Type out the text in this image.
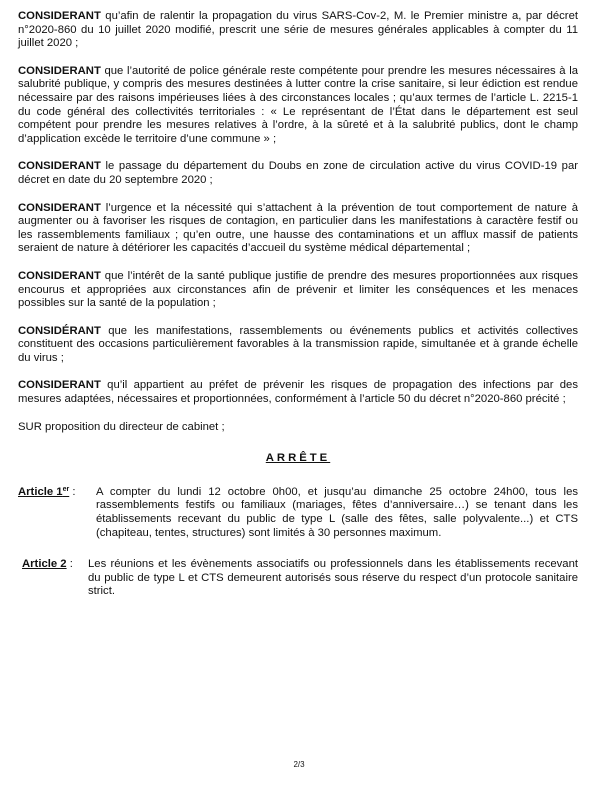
CONSIDERANT qu’afin de ralentir la propagation du virus SARS-Cov-2, M. le Premier ministre a, par décret n°2020-860 du 10 juillet 2020 modifié, prescrit une série de mesures générales applicables à compter du 11 juillet 2020 ;

CONSIDERANT que l’autorité de police générale reste compétente pour prendre les mesures nécessaires à la salubrité publique, y compris des mesures destinées à lutter contre la crise sanitaire, si leur édiction est rendue nécessaire par des raisons impérieuses liées à des circonstances locales ; qu’aux termes de l’article L. 2215-1 du code général des collectivités territoriales : « Le représentant de l’État dans le département est seul compétent pour prendre les mesures relatives à l’ordre, à la sûreté et à la salubrité publics, dont le champ d’application excède le territoire d’une commune » ;

CONSIDERANT le passage du département du Doubs en zone de circulation active du virus COVID-19 par décret en date du 20 septembre 2020 ;

CONSIDERANT l’urgence et la nécessité qui s’attachent à la prévention de tout comportement de nature à augmenter ou à favoriser les risques de contagion, en particulier dans les manifestations à caractère festif ou les rassemblements familiaux ; qu’en outre, une hausse des contaminations et un afflux massif de patients seraient de nature à détériorer les capacités d’accueil du système médical départemental ;

CONSIDERANT que l’intérêt de la santé publique justifie de prendre des mesures proportionnées aux risques encourus et appropriées aux circonstances afin de prévenir et limiter les conséquences et les menaces possibles sur la santé de la population ;

CONSIDÉRANT que les manifestations, rassemblements ou événements publics et activités collectives constituent des occasions particulièrement favorables à la transmission rapide, simultanée et à grande échelle du virus ;

CONSIDERANT qu’il appartient au préfet de prévenir les risques de propagation des infections par des mesures adaptées, nécessaires et proportionnées, conformément à l’article 50 du décret n°2020-860 précité ;

SUR proposition du directeur de cabinet ;

ARRÊTE
Article 1er : A compter du lundi 12 octobre 0h00, et jusqu’au dimanche 25 octobre 24h00, tous les rassemblements festifs ou familiaux (mariages, fêtes d’anniversaire…) se tenant dans les établissements recevant du public de type L (salle des fêtes, salle polyvalente...) et CTS (chapiteau, tentes, structures) sont limités à 30 personnes maximum.
Article 2 : Les réunions et les évènements associatifs ou professionnels dans les établissements recevant du public de type L et CTS demeurent autorisés sous réserve du respect d’un protocole sanitaire strict.
2/3
